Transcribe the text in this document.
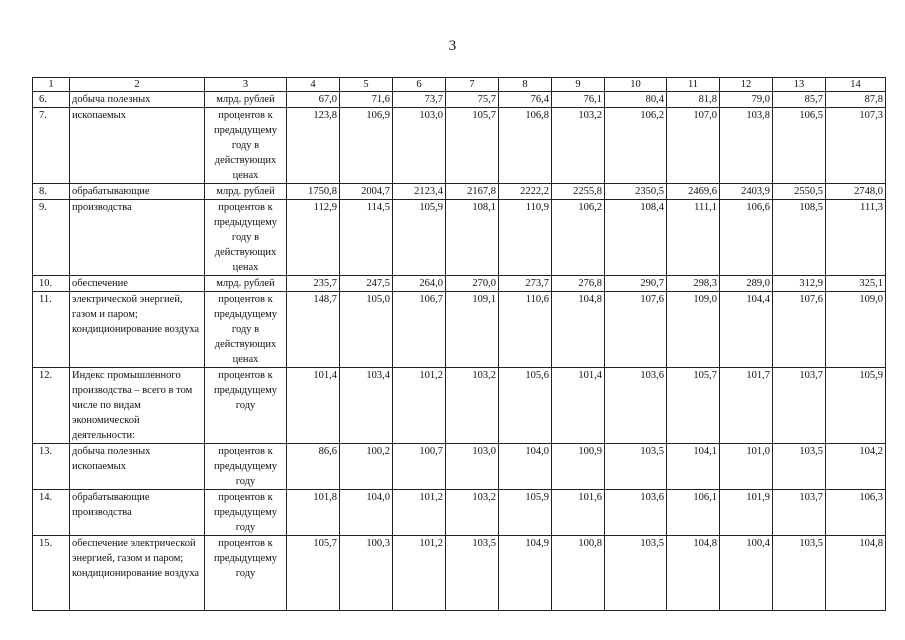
3
1	2	3	4	5	6	7	8	9	10	11	12	13	14
6.	добыча полезных	млрд. рублей	67,0	71,6	73,7	75,7	76,4	76,1	80,4	81,8	79,0	85,7	87,8
7.	ископаемых	процентов к предыдущему году в действующих ценах	123,8	106,9	103,0	105,7	106,8	103,2	106,2	107,0	103,8	106,5	107,3
8.	обрабатывающие	млрд. рублей	1750,8	2004,7	2123,4	2167,8	2222,2	2255,8	2350,5	2469,6	2403,9	2550,5	2748,0
9.	производства	процентов к предыдущему году в действующих ценах	112,9	114,5	105,9	108,1	110,9	106,2	108,4	111,1	106,6	108,5	111,3
10.	обеспечение	млрд. рублей	235,7	247,5	264,0	270,0	273,7	276,8	290,7	298,3	289,0	312,9	325,1
11.	электрической энергией, газом и паром; кондиционирование воздуха	процентов к предыдущему году в действующих ценах	148,7	105,0	106,7	109,1	110,6	104,8	107,6	109,0	104,4	107,6	109,0
12.	Индекс промышленного производства – всего в том числе по видам экономической деятельности:	процентов к предыдущему году	101,4	103,4	101,2	103,2	105,6	101,4	103,6	105,7	101,7	103,7	105,9
13.	добыча полезных ископаемых	процентов к предыдущему году	86,6	100,2	100,7	103,0	104,0	100,9	103,5	104,1	101,0	103,5	104,2
14.	обрабатывающие производства	процентов к предыдущему году	101,8	104,0	101,2	103,2	105,9	101,6	103,6	106,1	101,9	103,7	106,3
15.	обеспечение электрической энергией, газом и паром; кондиционирование воздуха	процентов к предыдущему году	105,7	100,3	101,2	103,5	104,9	100,8	103,5	104,8	100,4	103,5	104,8
